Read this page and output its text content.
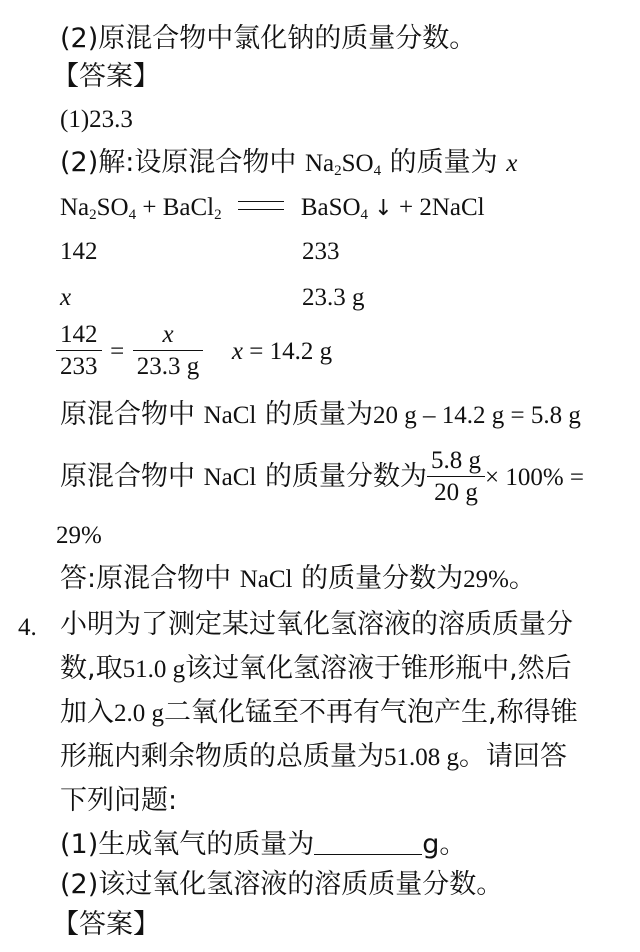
(2)原混合物中氯化钠的质量分数。
【答案】
(1)23.3
(2)解:设原混合物中 $Na_2SO_4$ 的质量为 x
$Na_2SO_4$ + BaCl$_2$	BaSO$_4$ ↓ + 2NaCl
142	233
x	23.3 g
$\frac{142}{233} = \frac{x}{23.3 g}$ x = 14.2 g
原混合物中 NaCl 的质量为20 g – 14.2 g = 5.8 g
原混合物中 NaCl 的质量分数为 $\frac{5.8 g}{20 g} \times 100\%$ =
29%
答:原混合物中 NaCl 的质量分数为29%。
4. 小明为了测定某过氧化氢溶液的溶质质量分
数,取51.0 g该过氧化氢溶液于锥形瓶中,然后
加入2.0 g二氧化锰至不再有气泡产生,称得锥
形瓶内剩余物质的总质量为51.08 g。请回答
下列问题:
(1)生成氧气的质量为	g。
(2)该过氧化氢溶液的溶质质量分数。
【答案】
